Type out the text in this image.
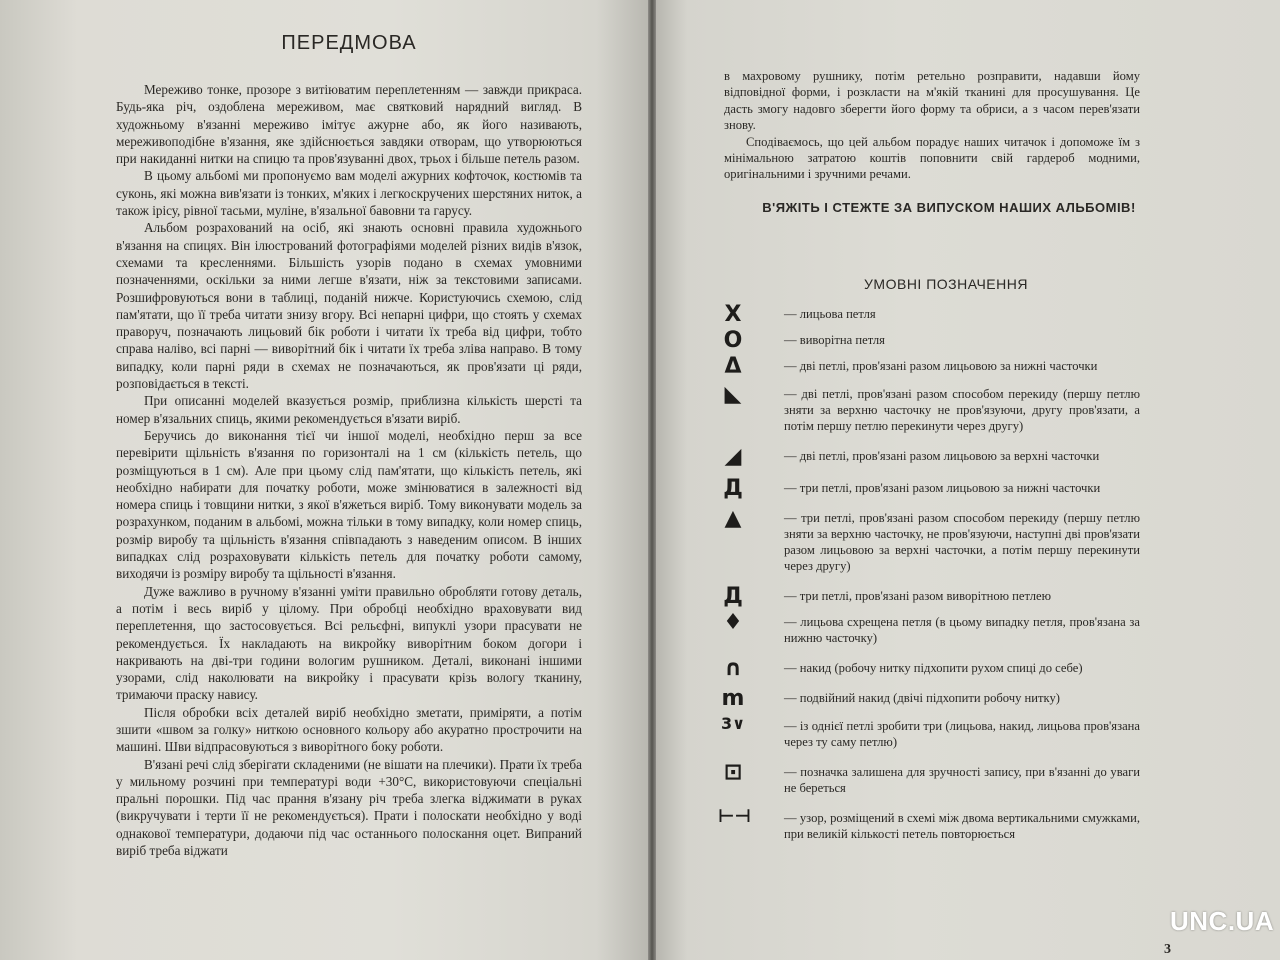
ПЕРЕДМОВА

Мереживо тонке, прозоре з витіюватим переплетенням — завжди прикраса. Будь-яка річ, оздоблена мереживом, має святковий нарядний вигляд. В художньому в'язанні мереживо імітує ажурне або, як його називають, мереживоподібне в'язання, яке здійснюється завдяки отворам, що утворюються при накиданні нитки на спицю та пров'язуванні двох, трьох і більше петель разом.

В цьому альбомі ми пропонуємо вам моделі ажурних кофточок, костюмів та суконь, які можна вив'язати із тонких, м'яких і легкоскручених шерстяних ниток, а також ірісу, рівної тасьми, муліне, в'язальної бавовни та гарусу.

Альбом розрахований на осіб, які знають основні правила художнього в'язання на спицях. Він ілюстрований фотографіями моделей різних видів в'язок, схемами та кресленнями. Більшість узорів подано в схемах умовними позначеннями, оскільки за ними легше в'язати, ніж за текстовими записами. Розшифровуються вони в таблиці, поданій нижче. Користуючись схемою, слід пам'ятати, що її треба читати знизу вгору. Всі непарні цифри, що стоять у схемах праворуч, позначають лицьовий бік роботи і читати їх треба від цифри, тобто справа наліво, всі парні — виворітний бік і читати їх треба зліва направо. В тому випадку, коли парні ряди в схемах не позначаються, як пров'язати ці ряди, розповідається в тексті.

При описанні моделей вказується розмір, приблизна кількість шерсті та номер в'язальних спиць, якими рекомендується в'язати виріб.

Беручись до виконання тієї чи іншої моделі, необхідно перш за все перевірити щільність в'язання по горизонталі на 1 см (кількість петель, що розміщуються в 1 см). Але при цьому слід пам'ятати, що кількість петель, які необхідно набирати для початку роботи, може змінюватися в залежності від номера спиць і товщини нитки, з якої в'яжеться виріб. Тому виконувати модель за розрахунком, поданим в альбомі, можна тільки в тому випадку, коли номер спиць, розмір виробу та щільність в'язання співпадають з наведеним описом. В інших випадках слід розраховувати кількість петель для початку роботи самому, виходячи із розміру виробу та щільності в'язання.

Дуже важливо в ручному в'язанні уміти правильно обробляти готову деталь, а потім і весь виріб у цілому. При обробці необхідно враховувати вид переплетення, що застосовується. Всі рельєфні, випуклі узори прасувати не рекомендується. Їх накладають на викройку виворітним боком догори і накривають на дві-три години вологим рушником. Деталі, виконані іншими узорами, слід наколювати на викройку і прасувати крізь вологу тканину, тримаючи праску навису.

Після обробки всіх деталей виріб необхідно зметати, приміряти, а потім зшити «швом за голку» ниткою основного кольору або акуратно прострочити на машині. Шви відпрасовуються з виворітного боку роботи.

В'язані речі слід зберігати складеними (не вішати на плечики). Прати їх треба у мильному розчині при температурі води +30°С, використовуючи спеціальні пральні порошки. Під час прання в'язану річ треба злегка віджимати в руках (викручувати і терти її не рекомендується). Прати і полоскати необхідно у воді однакової температури, додаючи під час останнього полоскання оцет. Випраний виріб треба віджати

в махровому рушнику, потім ретельно розправити, надавши йому відповідної форми, і розкласти на м'якій тканині для просушування. Це дасть змогу надовго зберегти його форму та обриси, а з часом перев'язати знову.

Сподіваємось, що цей альбом порадує наших читачок і допоможе їм з мінімальною затратою коштів поповнити свій гардероб модними, оригінальними і зручними речами.

В'ЯЖІТЬ І СТЕЖТЕ ЗА ВИПУСКОМ НАШИХ АЛЬБОМІВ!
УМОВНІ ПОЗНАЧЕННЯ
X	— лицьова петля
O	— виворітна петля
Δ	— дві петлі, пров'язані разом лицьовою за нижні часточки
◣	— дві петлі, пров'язані разом способом перекиду (першу петлю зняти за верхню часточку не пров'язуючи, другу пров'язати, а потім першу петлю перекинути через другу)
◢	— дві петлі, пров'язані разом лицьовою за верхні часточки
Д	— три петлі, пров'язані разом лицьовою за нижні часточки
▲	— три петлі, пров'язані разом способом перекиду (першу петлю зняти за верхню часточку, не пров'язуючи, наступні дві пров'язати разом лицьовою за верхні часточки, а потім першу перекинути через другу)
Д	— три петлі, пров'язані разом виворітною петлею
♦	— лицьова схрещена петля (в цьому випадку петля, пров'язана за нижню часточку)
∩	— накид (робочу нитку підхопити рухом спиці до себе)
m	— подвійний накид (двічі підхопити робочу нитку)
3∨	— із однієї петлі зробити три (лицьова, накид, лицьова пров'язана через ту саму петлю)
⊡	— позначка залишена для зручності запису, при в'язанні до уваги не береться
⊢⊣	— узор, розміщений в схемі між двома вертикальними смужками, при великій кількості петель повторюється
UNC.UA
3
